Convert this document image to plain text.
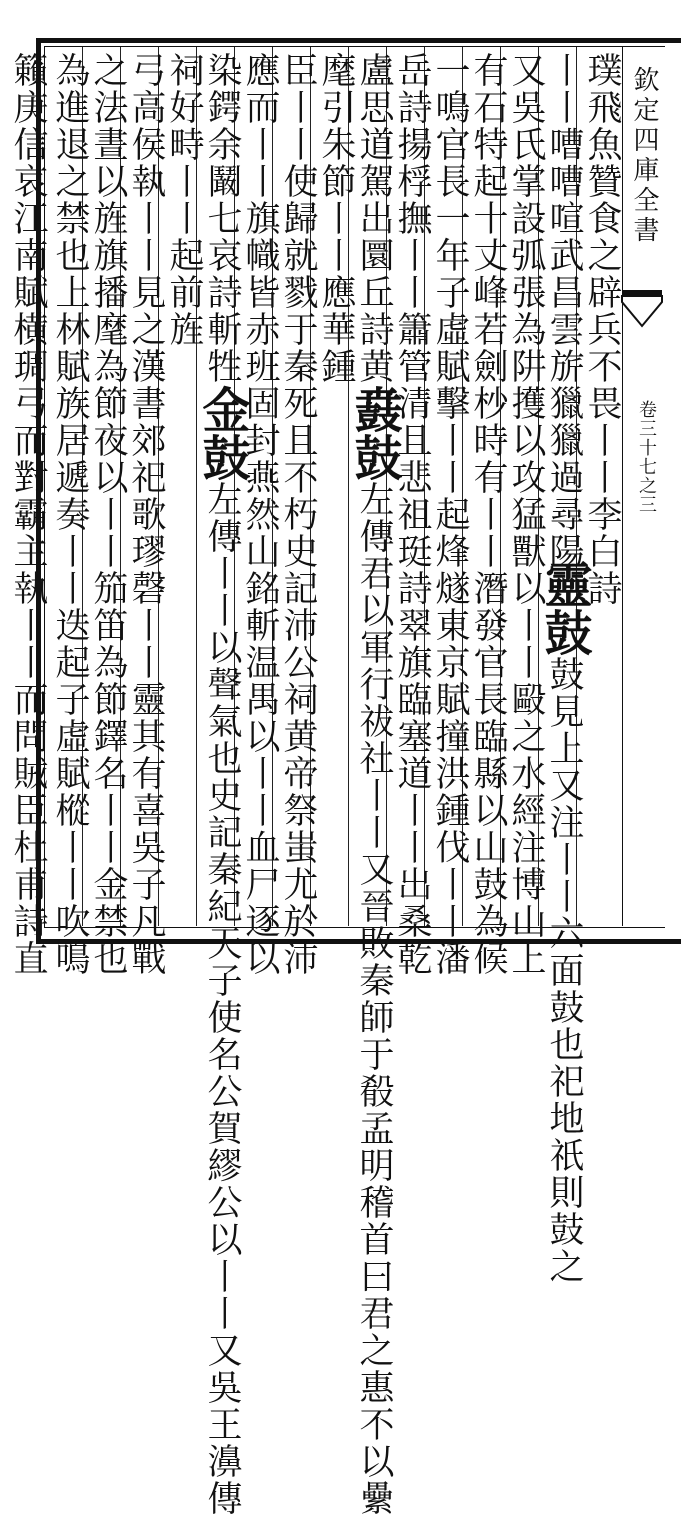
欽定四庫全書
卷三十七之三
璞飛魚贊食之辟兵不畏丨丨李白詩
丨丨嘈嘈喧武昌雲旂獵獵過尋陽
靈鼓鼓見上又注丨丨六面鼓也祀地祇則鼓之
又吳氏掌設弧張為阱擭以攻猛獸以丨丨毆之水經注博山上
有石特起十丈峰若劍杪時有丨丨潛發官長臨縣以山鼓為候
一鳴官長一年子虛賦擊丨丨起烽燧東京賦撞洪鍾伐丨丨潘
岳詩揚桴撫丨丨簫管清且悲祖珽詩翠旗臨塞道丨丨出桑乾
盧思道駕出圜丘詩黄鼖鼓左傳君以軍行祓社丨丨又晉敗秦師于殽孟明稽首曰君之惠不以纍
麾引朱節丨丨應華鍾
臣丨丨使歸就戮于秦死且不朽史記沛公祠黄帝祭蚩尤於沛
應而丨丨旗幟皆赤班固封燕然山銘斬温禺以丨丨血尸逐以
染鍔余鬫七哀詩斬牲金鼓左傳丨丨以聲氣也史記秦紀天子使名公賀繆公以丨丨又吳王濞傳
祠好畤丨丨起前旌
弓高侯執丨丨見之漢書郊祀歌璆磬丨丨靈其有喜吳子凡戰
之法晝以旌旗播麾為節夜以丨丨笳笛為節鐸名丨丨金禁也
為進退之禁也上林賦族居遞奏丨丨迭起子虛賦樅丨丨吹鳴
籟庚信哀江南賦横琱弓而對霸主執丨丨而問賊臣杜甫詩直
